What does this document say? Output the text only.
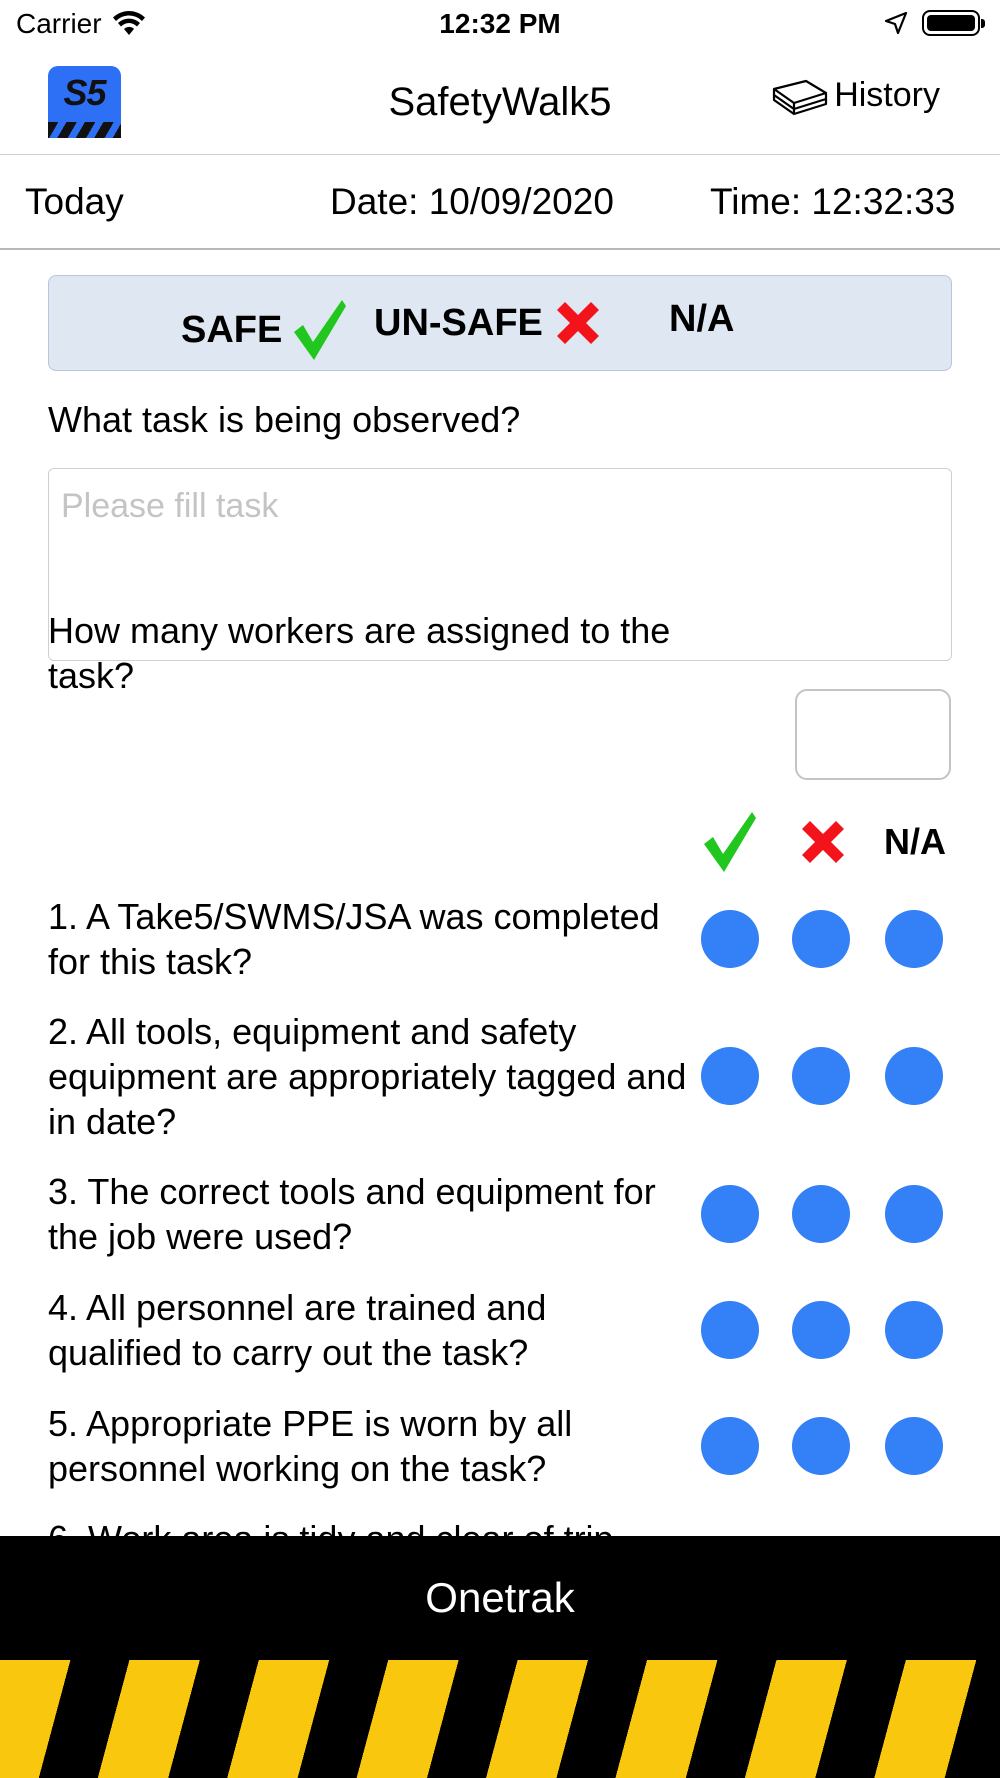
Carrier	12:32 PM
S5	SafetyWalk5	History
Today	Date: 10/09/2020	Time: 12:32:33
SAFE UN-SAFE	N/A
What task is being observed?
Please fill task
How many workers are assigned to the task?
N/A
1. A Take5/SWMS/JSA was completed for this task?
2. All tools, equipment and safety equipment are appropriately tagged and in date?
3. The correct tools and equipment for the job were used?
4. All personnel are trained and qualified to carry out the task?
5. Appropriate PPE is worn by all personnel working on the task?
Onetrak
